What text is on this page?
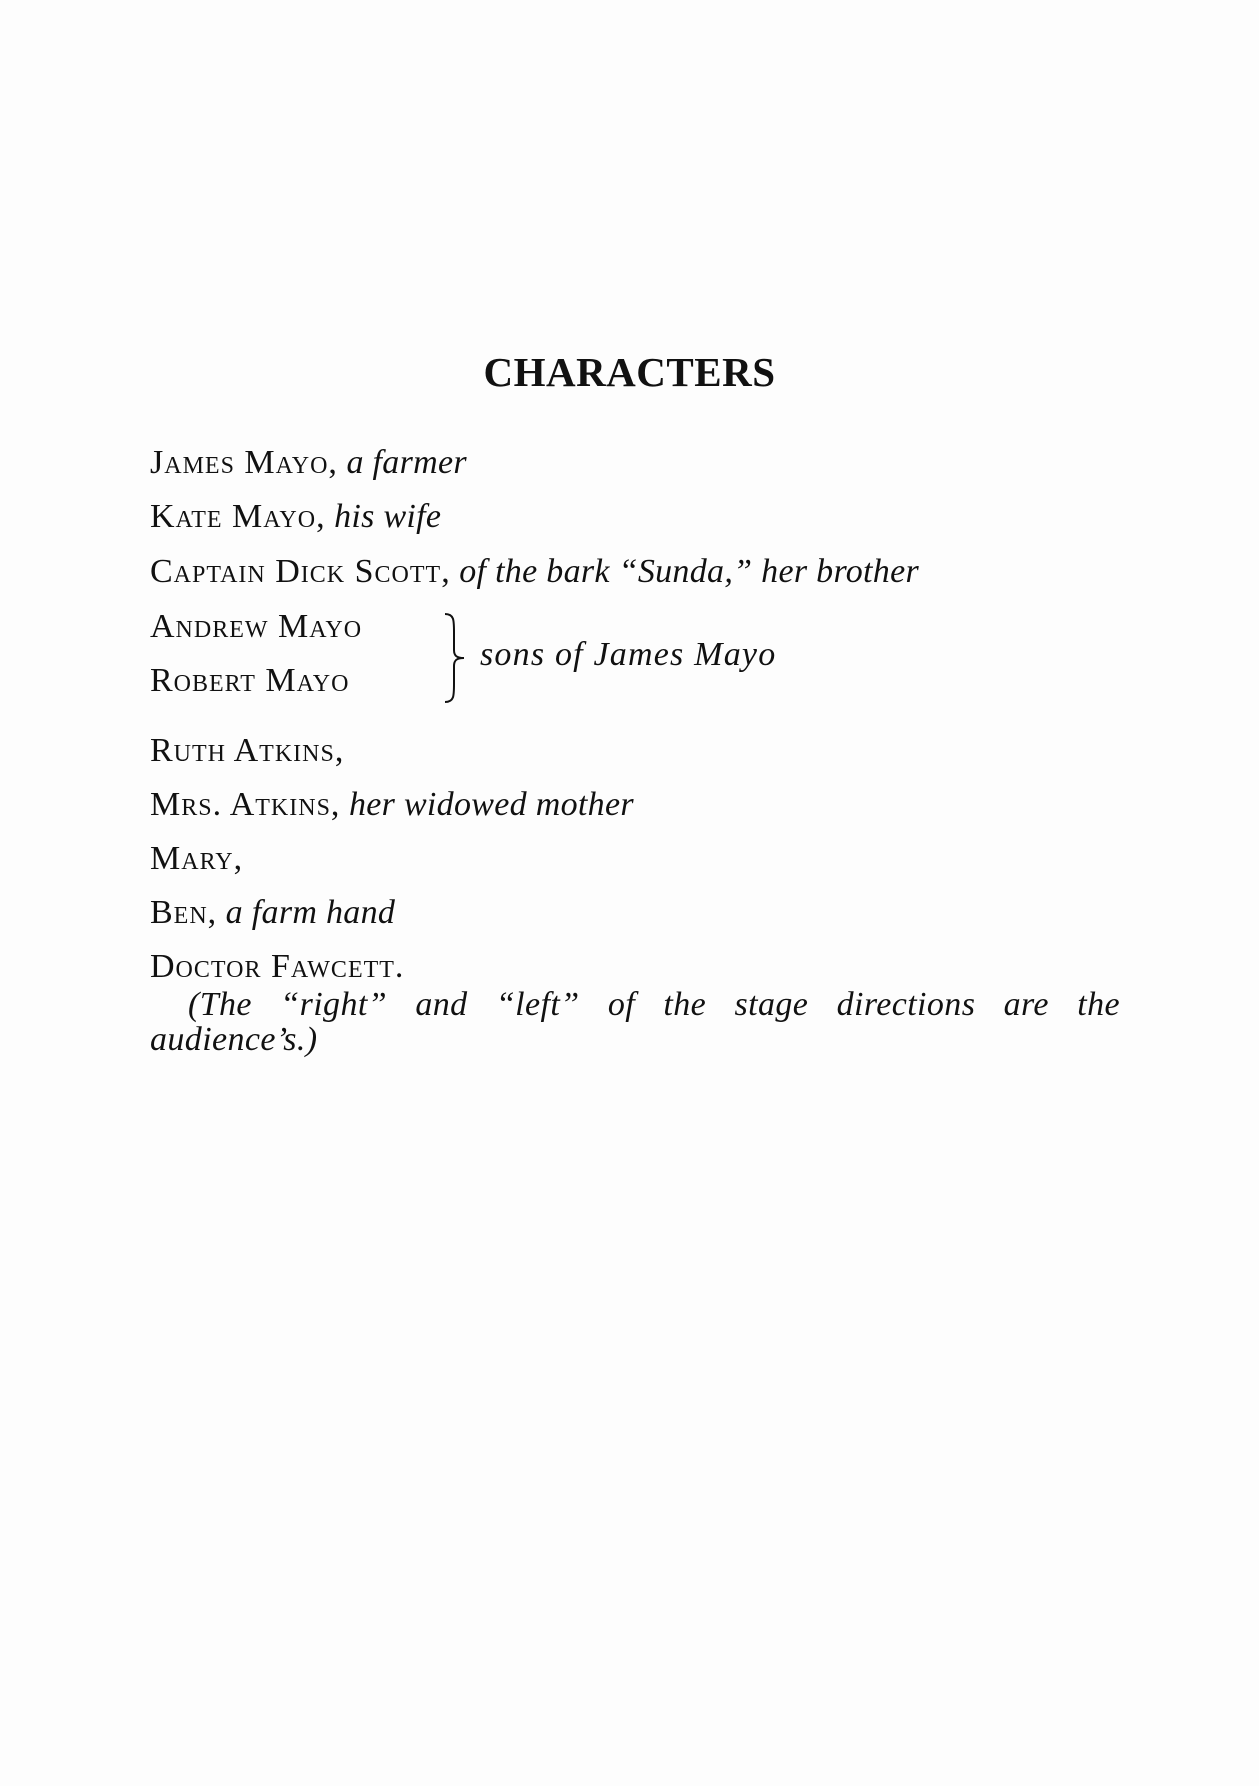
CHARACTERS
James Mayo, a farmer
Kate Mayo, his wife
Captain Dick Scott, of the bark “Sunda,” her brother
Andrew Mayo
Robert Mayo
sons of James Mayo
Ruth Atkins,
Mrs. Atkins, her widowed mother
Mary,
Ben, a farm hand
Doctor Fawcett.
(The “right” and “left” of the stage directions are the audience’s.)
